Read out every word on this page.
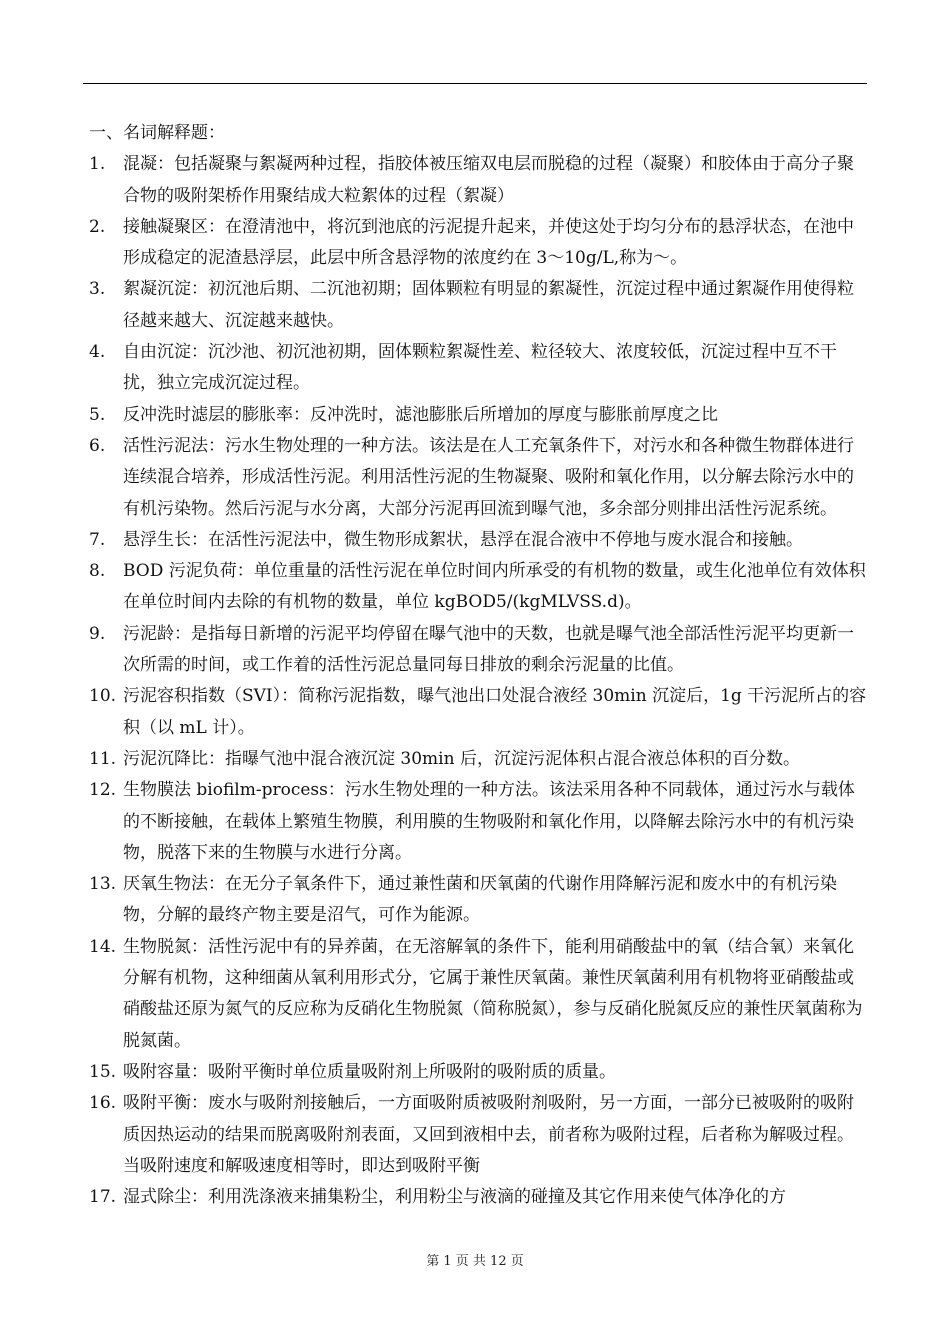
一、名词解释题：

1. 混凝：包括凝聚与絮凝两种过程，指胶体被压缩双电层而脱稳的过程（凝聚）和胶体由于高分子聚合物的吸附架桥作用聚结成大粒絮体的过程（絮凝）
2. 接触凝聚区：在澄清池中，将沉到池底的污泥提升起来，并使这处于均匀分布的悬浮状态，在池中形成稳定的泥渣悬浮层，此层中所含悬浮物的浓度约在 3～10g/L,称为～。
3. 絮凝沉淀：初沉池后期、二沉池初期；固体颗粒有明显的絮凝性，沉淀过程中通过絮凝作用使得粒径越来越大、沉淀越来越快。
4. 自由沉淀：沉沙池、初沉池初期，固体颗粒絮凝性差、粒径较大、浓度较低，沉淀过程中互不干扰，独立完成沉淀过程。
5. 反冲洗时滤层的膨胀率：反冲洗时，滤池膨胀后所增加的厚度与膨胀前厚度之比
6. 活性污泥法：污水生物处理的一种方法。该法是在人工充氧条件下，对污水和各种微生物群体进行连续混合培养，形成活性污泥。利用活性污泥的生物凝聚、吸附和氧化作用，以分解去除污水中的有机污染物。然后污泥与水分离，大部分污泥再回流到曝气池，多余部分则排出活性污泥系统。
7. 悬浮生长：在活性污泥法中，微生物形成絮状，悬浮在混合液中不停地与废水混合和接触。
8. BOD 污泥负荷：单位重量的活性污泥在单位时间内所承受的有机物的数量，或生化池单位有效体积在单位时间内去除的有机物的数量，单位 kgBOD5/(kgMLVSS.d)。
9. 污泥龄：是指每日新增的污泥平均停留在曝气池中的天数，也就是曝气池全部活性污泥平均更新一次所需的时间，或工作着的活性污泥总量同每日排放的剩余污泥量的比值。
10. 污泥容积指数（SVI）：简称污泥指数，曝气池出口处混合液经 30min 沉淀后，1g 干污泥所占的容积（以 mL 计）。
11. 污泥沉降比：指曝气池中混合液沉淀 30min 后，沉淀污泥体积占混合液总体积的百分数。
12. 生物膜法 biofilm-process：污水生物处理的一种方法。该法采用各种不同载体，通过污水与载体的不断接触，在载体上繁殖生物膜，利用膜的生物吸附和氧化作用，以降解去除污水中的有机污染物，脱落下来的生物膜与水进行分离。
13. 厌氧生物法：在无分子氧条件下，通过兼性菌和厌氧菌的代谢作用降解污泥和废水中的有机污染物，分解的最终产物主要是沼气，可作为能源。
14. 生物脱氮：活性污泥中有的异养菌，在无溶解氧的条件下，能利用硝酸盐中的氧（结合氧）来氧化分解有机物，这种细菌从氧利用形式分，它属于兼性厌氧菌。兼性厌氧菌利用有机物将亚硝酸盐或硝酸盐还原为氮气的反应称为反硝化生物脱氮（简称脱氮），参与反硝化脱氮反应的兼性厌氧菌称为脱氮菌。
15. 吸附容量：吸附平衡时单位质量吸附剂上所吸附的吸附质的质量。
16. 吸附平衡：废水与吸附剂接触后，一方面吸附质被吸附剂吸附，另一方面，一部分已被吸附的吸附质因热运动的结果而脱离吸附剂表面，又回到液相中去，前者称为吸附过程，后者称为解吸过程。当吸附速度和解吸速度相等时，即达到吸附平衡
17. 湿式除尘：利用洗涤液来捕集粉尘，利用粉尘与液滴的碰撞及其它作用来使气体净化的方
第 1 页 共 12 页
